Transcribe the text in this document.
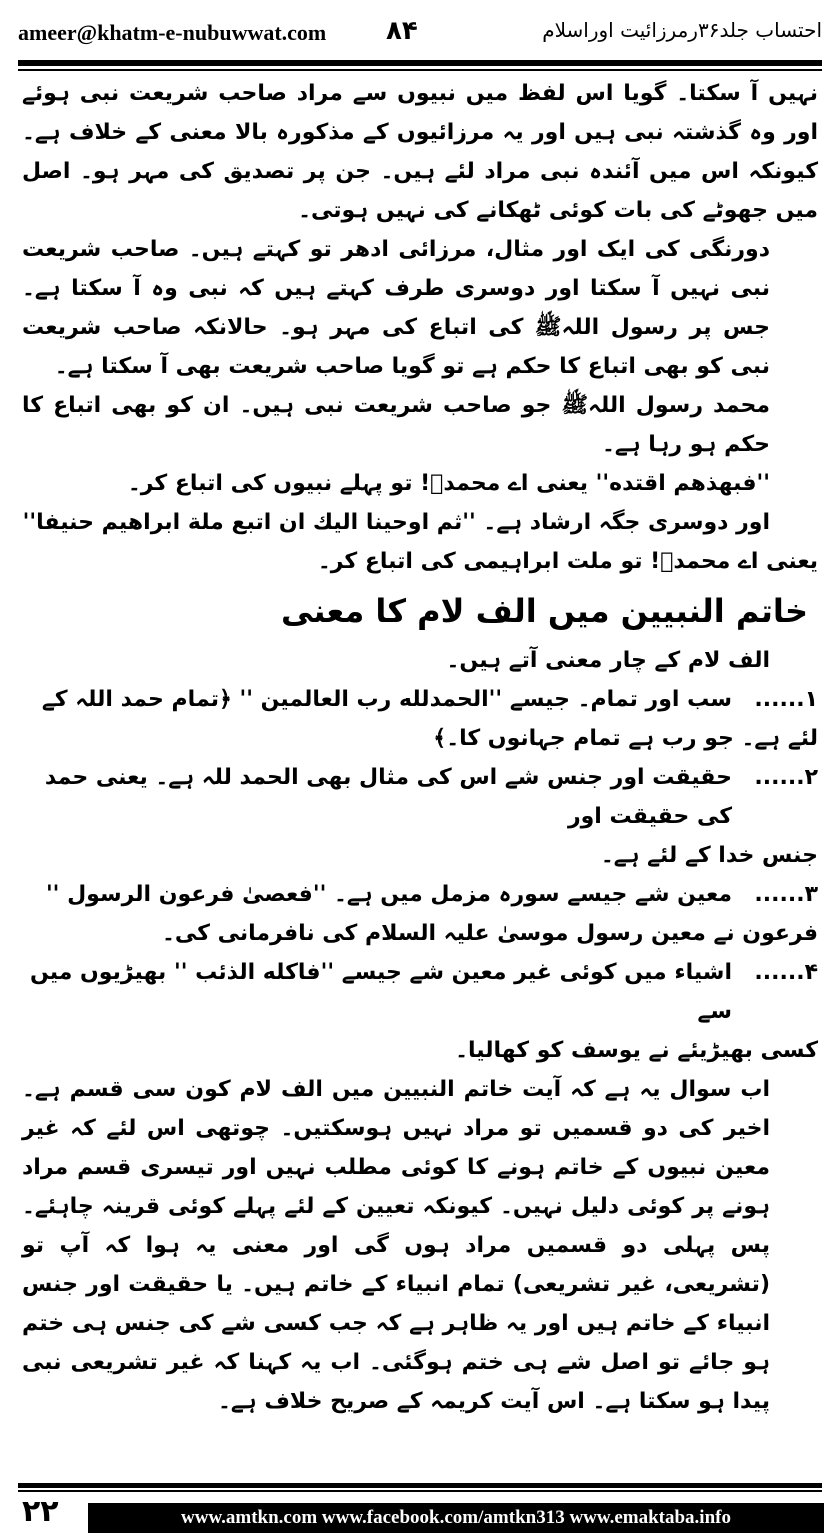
ameer@khatm-e-nubuwwat.com ۸۴	احتساب جلد۳۶رمرزائیت اوراسلام

نہیں آ سکتا۔ گویا اس لفظ میں نبیوں سے مراد صاحب شریعت نبی ہوئے اور وہ گذشتہ نبی ہیں اور یہ مرزائیوں کے مذکورہ بالا معنی کے خلاف ہے۔ کیونکہ اس میں آئندہ نبی مراد لئے ہیں۔ جن پر تصدیق کی مہر ہو۔ اصل میں جھوٹے کی بات کوئی ٹھکانے کی نہیں ہوتی۔

دورنگی کی ایک اور مثال، مرزائی ادھر تو کہتے ہیں۔ صاحب شریعت نبی نہیں آ سکتا اور دوسری طرف کہتے ہیں کہ نبی وہ آ سکتا ہے۔ جس پر رسول اللہﷺ کی اتباع کی مہر ہو۔ حالانکہ صاحب شریعت نبی کو بھی اتباع کا حکم ہے تو گویا صاحب شریعت بھی آ سکتا ہے۔

محمد رسول اللہﷺ جو صاحب شریعت نبی ہیں۔ ان کو بھی اتباع کا حکم ہو رہا ہے۔

''فبهذهم اقتده'' یعنی اے محمدؐ! تو پہلے نبیوں کی اتباع کر۔

اور دوسری جگہ ارشاد ہے۔ ''ثم اوحینا الیك ان اتبع ملة ابراهیم حنیفا''

یعنی اے محمدؐ! تو ملت ابراہیمی کی اتباع کر۔

خاتم النبیین میں الف لام کا معنی

الف لام کے چار معنی آتے ہیں۔

۱......
سب اور تمام۔ جیسے ''الحمدلله رب العالمین '' ﴿تمام حمد اللہ کے

لئے ہے۔ جو رب ہے تمام جہانوں کا۔﴾

۲......
حقیقت اور جنس شے اس کی مثال بھی الحمد للہ ہے۔ یعنی حمد کی حقیقت اور

جنس خدا کے لئے ہے۔

۳......
معین شے جیسے سورہ مزمل میں ہے۔ ''فعصیٰ فرعون الرسول ''

فرعون نے معین رسول موسیٰ علیہ السلام کی نافرمانی کی۔

۴......
اشیاء میں کوئی غیر معین شے جیسے ''فاکله الذئب '' بھیڑیوں میں سے

کسی بھیڑیئے نے یوسف کو کھالیا۔

اب سوال یہ ہے کہ آیت خاتم النبیین میں الف لام کون سی قسم ہے۔ اخیر کی دو قسمیں تو مراد نہیں ہوسکتیں۔ چوتھی اس لئے کہ غیر معین نبیوں کے خاتم ہونے کا کوئی مطلب نہیں اور تیسری قسم مراد ہونے پر کوئی دلیل نہیں۔ کیونکہ تعیین کے لئے پہلے کوئی قرینہ چاہئے۔ پس پہلی دو قسمیں مراد ہوں گی اور معنی یہ ہوا کہ آپ تو (تشریعی، غیر تشریعی) تمام انبیاء کے خاتم ہیں۔ یا حقیقت اور جنس انبیاء کے خاتم ہیں اور یہ ظاہر ہے کہ جب کسی شے کی جنس ہی ختم ہو جائے تو اصل شے ہی ختم ہوگئی۔ اب یہ کہنا کہ غیر تشریعی نبی پیدا ہو سکتا ہے۔ اس آیت کریمہ کے صریح خلاف ہے۔

۲۲	www.amtkn.com www.facebook.com/amtkn313 www.emaktaba.info
